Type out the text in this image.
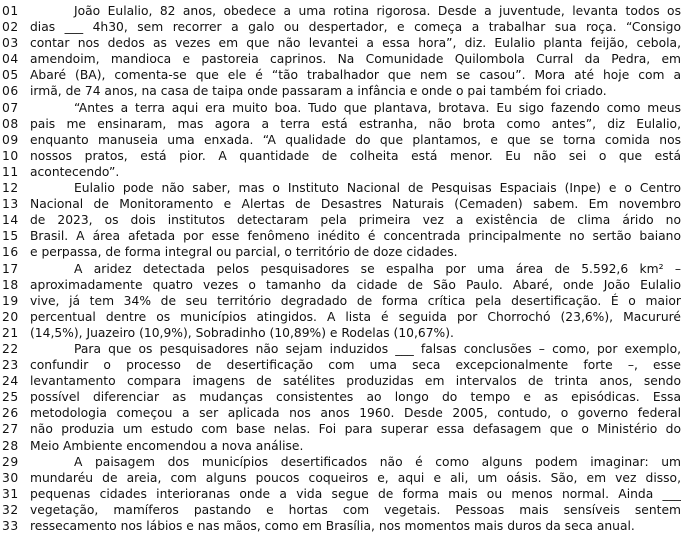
01	João Eulalio, 82 anos, obedece a uma rotina rigorosa. Desde a juventude, levanta todos os
02 dias ___ 4h30, sem recorrer a galo ou despertador, e começa a trabalhar sua roça. “Consigo
03 contar nos dedos as vezes em que não levantei a essa hora”, diz. Eulalio planta feijão, cebola,
04 amendoim, mandioca e pastoreia caprinos. Na Comunidade Quilombola Curral da Pedra, em
05 Abaré (BA), comenta-se que ele é “tão trabalhador que nem se casou”. Mora até hoje com a
06 irmã, de 74 anos, na casa de taipa onde passaram a infância e onde o pai também foi criado.
07	“Antes a terra aqui era muito boa. Tudo que plantava, brotava. Eu sigo fazendo como meus
08 pais me ensinaram, mas agora a terra está estranha, não brota como antes”, diz Eulalio,
09 enquanto manuseia uma enxada. “A qualidade do que plantamos, e que se torna comida nos
10 nossos pratos, está pior. A quantidade de colheita está menor. Eu não sei o que está
11 acontecendo”.
12	Eulalio pode não saber, mas o Instituto Nacional de Pesquisas Espaciais (Inpe) e o Centro
13 Nacional de Monitoramento e Alertas de Desastres Naturais (Cemaden) sabem. Em novembro
14 de 2023, os dois institutos detectaram pela primeira vez a existência de clima árido no
15 Brasil. A área afetada por esse fenômeno inédito é concentrada principalmente no sertão baiano
16 e perpassa, de forma integral ou parcial, o território de doze cidades.
17	A aridez detectada pelos pesquisadores se espalha por uma área de 5.592,6 km² –
18 aproximadamente quatro vezes o tamanho da cidade de São Paulo. Abaré, onde João Eulalio
19 vive, já tem 34% de seu território degradado de forma crítica pela desertificação. É o maior
20 percentual dentre os municípios atingidos. A lista é seguida por Chorrochó (23,6%), Macururé
21 (14,5%), Juazeiro (10,9%), Sobradinho (10,89%) e Rodelas (10,67%).
22	Para que os pesquisadores não sejam induzidos ___ falsas conclusões – como, por exemplo,
23 confundir o processo de desertificação com uma seca excepcionalmente forte –, esse
24 levantamento compara imagens de satélites produzidas em intervalos de trinta anos, sendo
25 possível diferenciar as mudanças consistentes ao longo do tempo e as episódicas. Essa
26 metodologia começou a ser aplicada nos anos 1960. Desde 2005, contudo, o governo federal
27 não produzia um estudo com base nelas. Foi para superar essa defasagem que o Ministério do
28 Meio Ambiente encomendou a nova análise.
29	A paisagem dos municípios desertificados não é como alguns podem imaginar: um
30 mundaréu de areia, com alguns poucos coqueiros e, aqui e ali, um oásis. São, em vez disso,
31 pequenas cidades interioranas onde a vida segue de forma mais ou menos normal. Ainda ___
32 vegetação, mamíferos pastando e hortas com vegetais. Pessoas mais sensíveis sentem
33 ressecamento nos lábios e nas mãos, como em Brasília, nos momentos mais duros da seca anual.
